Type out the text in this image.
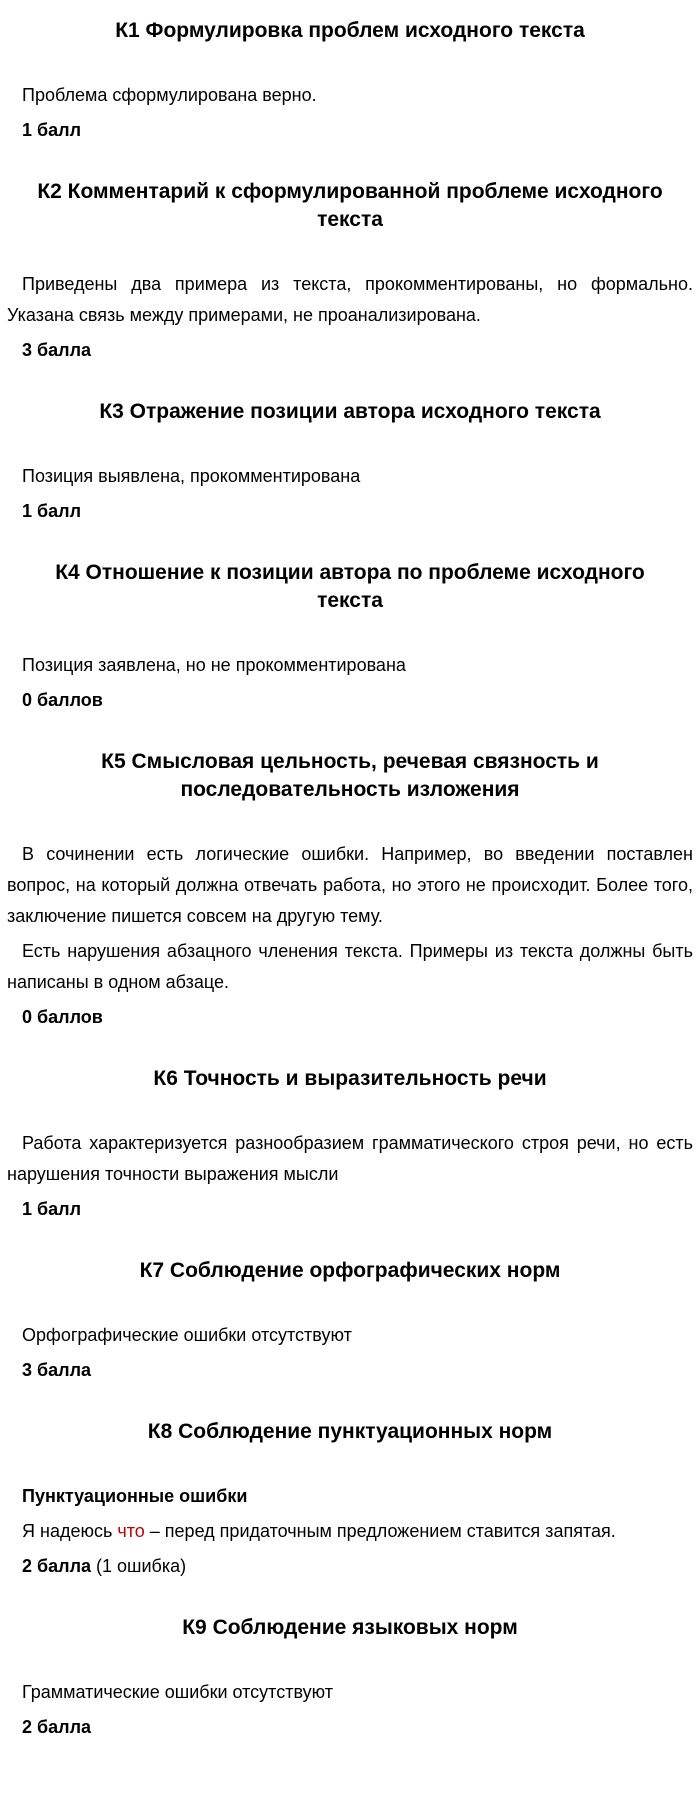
К1 Формулировка проблем исходного текста

Проблема сформулирована верно.

1 балл

К2 Комментарий к сформулированной проблеме исходного текста

Приведены два примера из текста, прокомментированы, но формально. Указана связь между примерами, не проанализирована.

3 балла

К3 Отражение позиции автора исходного текста

Позиция выявлена, прокомментирована

1 балл

К4 Отношение к позиции автора по проблеме исходного текста

Позиция заявлена, но не прокомментирована

0 баллов

К5 Смысловая цельность, речевая связность и последовательность изложения

В сочинении есть логические ошибки. Например, во введении поставлен вопрос, на который должна отвечать работа, но этого не происходит. Более того, заключение пишется совсем на другую тему.

Есть нарушения абзацного членения текста. Примеры из текста должны быть написаны в одном абзаце.

0 баллов

К6 Точность и выразительность речи

Работа характеризуется разнообразием грамматического строя речи, но есть нарушения точности выражения мысли

1 балл

К7 Соблюдение орфографических норм

Орфографические ошибки отсутствуют

3 балла

К8 Соблюдение пунктуационных норм

Пунктуационные ошибки

Я надеюсь что – перед придаточным предложением ставится запятая.

2 балла (1 ошибка)

К9 Соблюдение языковых норм

Грамматические ошибки отсутствуют

2 балла
